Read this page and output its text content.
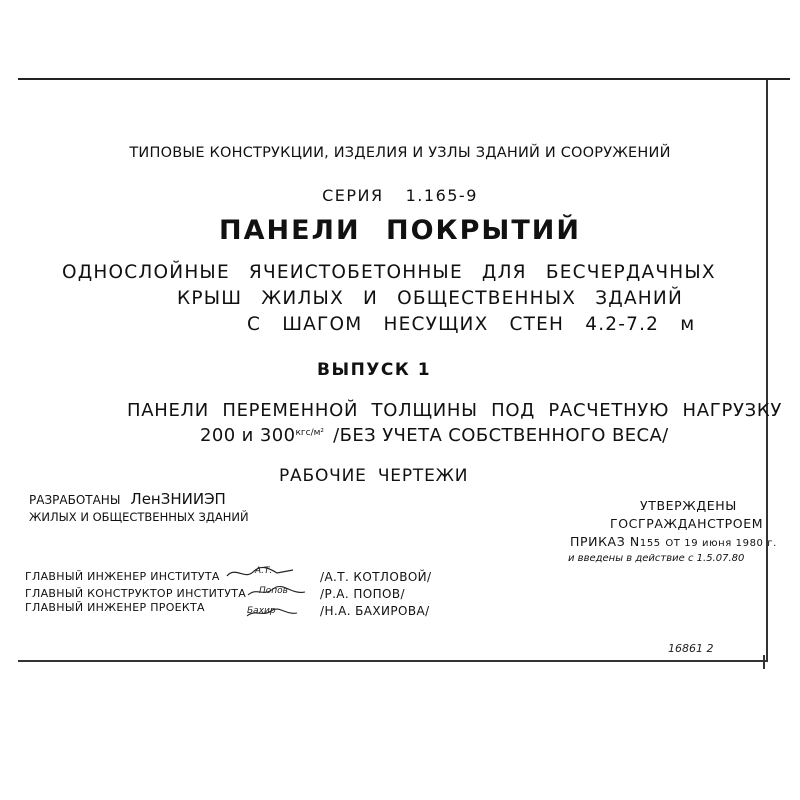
ТИПОВЫЕ КОНСТРУКЦИИ, ИЗДЕЛИЯ И УЗЛЫ ЗДАНИЙ И СООРУЖЕНИЙ
СЕРИЯ 1.165-9
ПАНЕЛИ ПОКРЫТИЙ
ОДНОСЛОЙНЫЕ ЯЧЕИСТОБЕТОННЫЕ ДЛЯ БЕСЧЕРДАЧНЫХ
КРЫШ ЖИЛЫХ И ОБЩЕСТВЕННЫХ ЗДАНИЙ
С ШАГОМ НЕСУЩИХ СТЕН 4.2-7.2 м
ВЫПУСК 1
ПАНЕЛИ ПЕРЕМЕННОЙ ТОЛЩИНЫ ПОД РАСЧЕТНУЮ НАГРУЗКУ
200 и $300^{кгс/м^2}$ /БЕЗ УЧЕТА СОБСТВЕННОГО ВЕСА/
РАБОЧИЕ ЧЕРТЕЖИ
РАЗРАБОТАНЫ ЛенЗНИИЭП
ЖИЛЫХ И ОБЩЕСТВЕННЫХ ЗДАНИЙ
УТВЕРЖДЕНЫ
ГОСГРАЖДАНСТРОЕМ
ПРИКАЗ N155 ОТ 19 июня 1980 г.
и введены в действие с 1.5.07.80
ГЛАВНЫЙ ИНЖЕНЕР ИНСТИТУТА
ГЛАВНЫЙ КОНСТРУКТОР ИНСТИТУТА
ГЛАВНЫЙ ИНЖЕНЕР ПРОЕКТА
А.Т.
Попов
Бахир
/А.Т. КОТЛОВОЙ/
/Р.А. ПОПОВ/
/Н.А. БАХИРОВА/
16861 2
